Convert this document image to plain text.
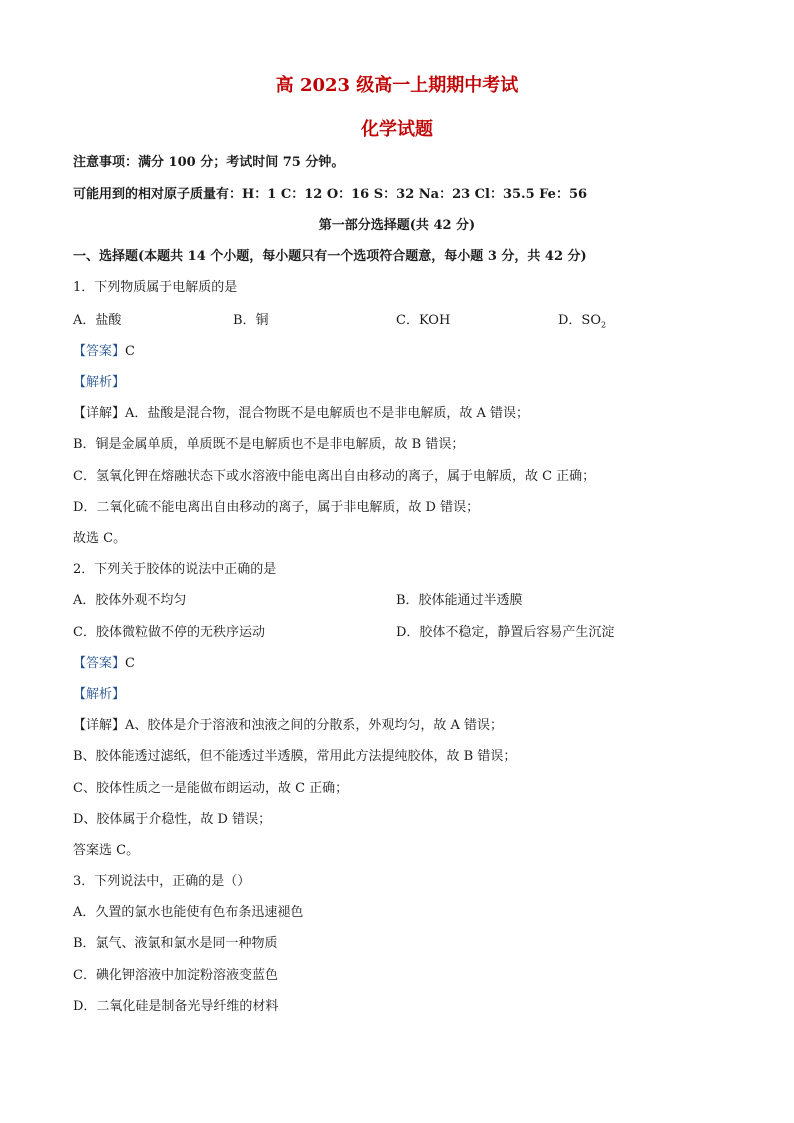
高 2023 级高一上期期中考试
化学试题
注意事项：满分 100 分；考试时间 75 分钟。
可能用到的相对原子质量有：H：1 C：12 O：16 S：32 Na：23 Cl：35.5 Fe：56
第一部分选择题(共 42 分)
一、选择题(本题共 14 个小题，每小题只有一个选项符合题意，每小题 3 分，共 42 分)
1．下列物质属于电解质的是
A．盐酸	B．铜	C．KOH	D．$SO_2$
【答案】C
【解析】
【详解】A．盐酸是混合物，混合物既不是电解质也不是非电解质，故 A 错误；
B．铜是金属单质，单质既不是电解质也不是非电解质，故 B 错误；
C．氢氧化钾在熔融状态下或水溶液中能电离出自由移动的离子，属于电解质，故 C 正确；
D．二氧化硫不能电离出自由移动的离子，属于非电解质，故 D 错误；
故选 C。
2．下列关于胶体的说法中正确的是
A．胶体外观不均匀	B．胶体能通过半透膜
C．胶体微粒做不停的无秩序运动	D．胶体不稳定，静置后容易产生沉淀
【答案】C
【解析】
【详解】A、胶体是介于溶液和浊液之间的分散系，外观均匀，故 A 错误；
B、胶体能透过滤纸，但不能透过半透膜，常用此方法提纯胶体，故 B 错误；
C、胶体性质之一是能做布朗运动，故 C 正确；
D、胶体属于介稳性，故 D 错误；
答案选 C。
3．下列说法中，正确的是（）
A．久置的氯水也能使有色布条迅速褪色
B．氯气、液氯和氯水是同一种物质
C．碘化钾溶液中加淀粉溶液变蓝色
D．二氧化硅是制备光导纤维的材料
